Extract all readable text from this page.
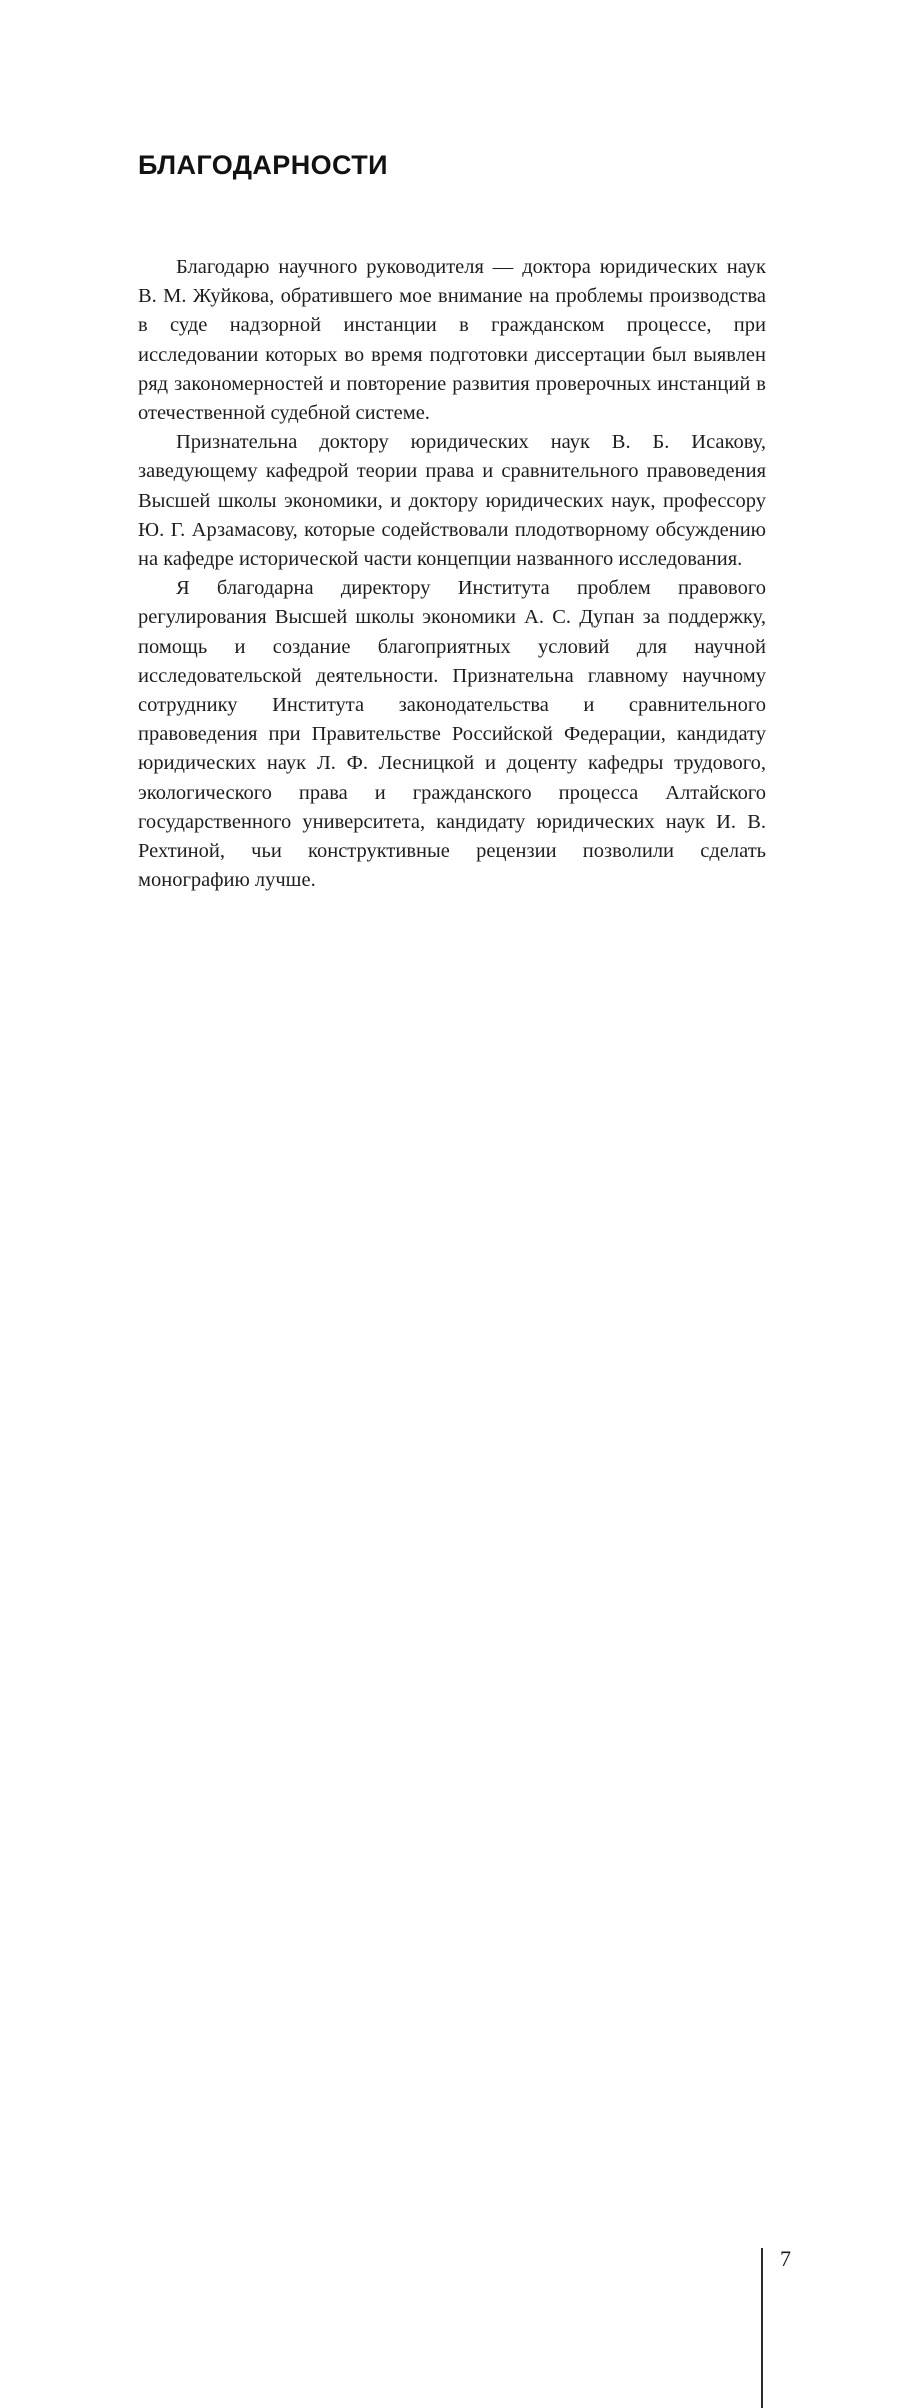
БЛАГОДАРНОСТИ

Благодарю научного руководителя — доктора юридических наук В. М. Жуйкова, обратившего мое внимание на проблемы производства в суде надзорной инстанции в гражданском процессе, при исследовании которых во время подготовки диссертации был выявлен ряд закономерностей и повторение развития проверочных инстанций в отечественной судебной системе.

Признательна доктору юридических наук В. Б. Исакову, заведующему кафедрой теории права и сравнительного правоведения Высшей школы экономики, и доктору юридических наук, профессору Ю. Г. Арзамасову, которые содействовали плодотворному обсуждению на кафедре исторической части концепции названного исследования.

Я благодарна директору Института проблем правового регулирования Высшей школы экономики А. С. Дупан за поддержку, помощь и создание благоприятных условий для научной исследовательской деятельности. Признательна главному научному сотруднику Института законодательства и сравнительного правоведения при Правительстве Российской Федерации, кандидату юридических наук Л. Ф. Лесницкой и доценту кафедры трудового, экологического права и гражданского процесса Алтайского государственного университета, кандидату юридических наук И. В. Рехтиной, чьи конструктивные рецензии позволили сделать монографию лучше.

7
